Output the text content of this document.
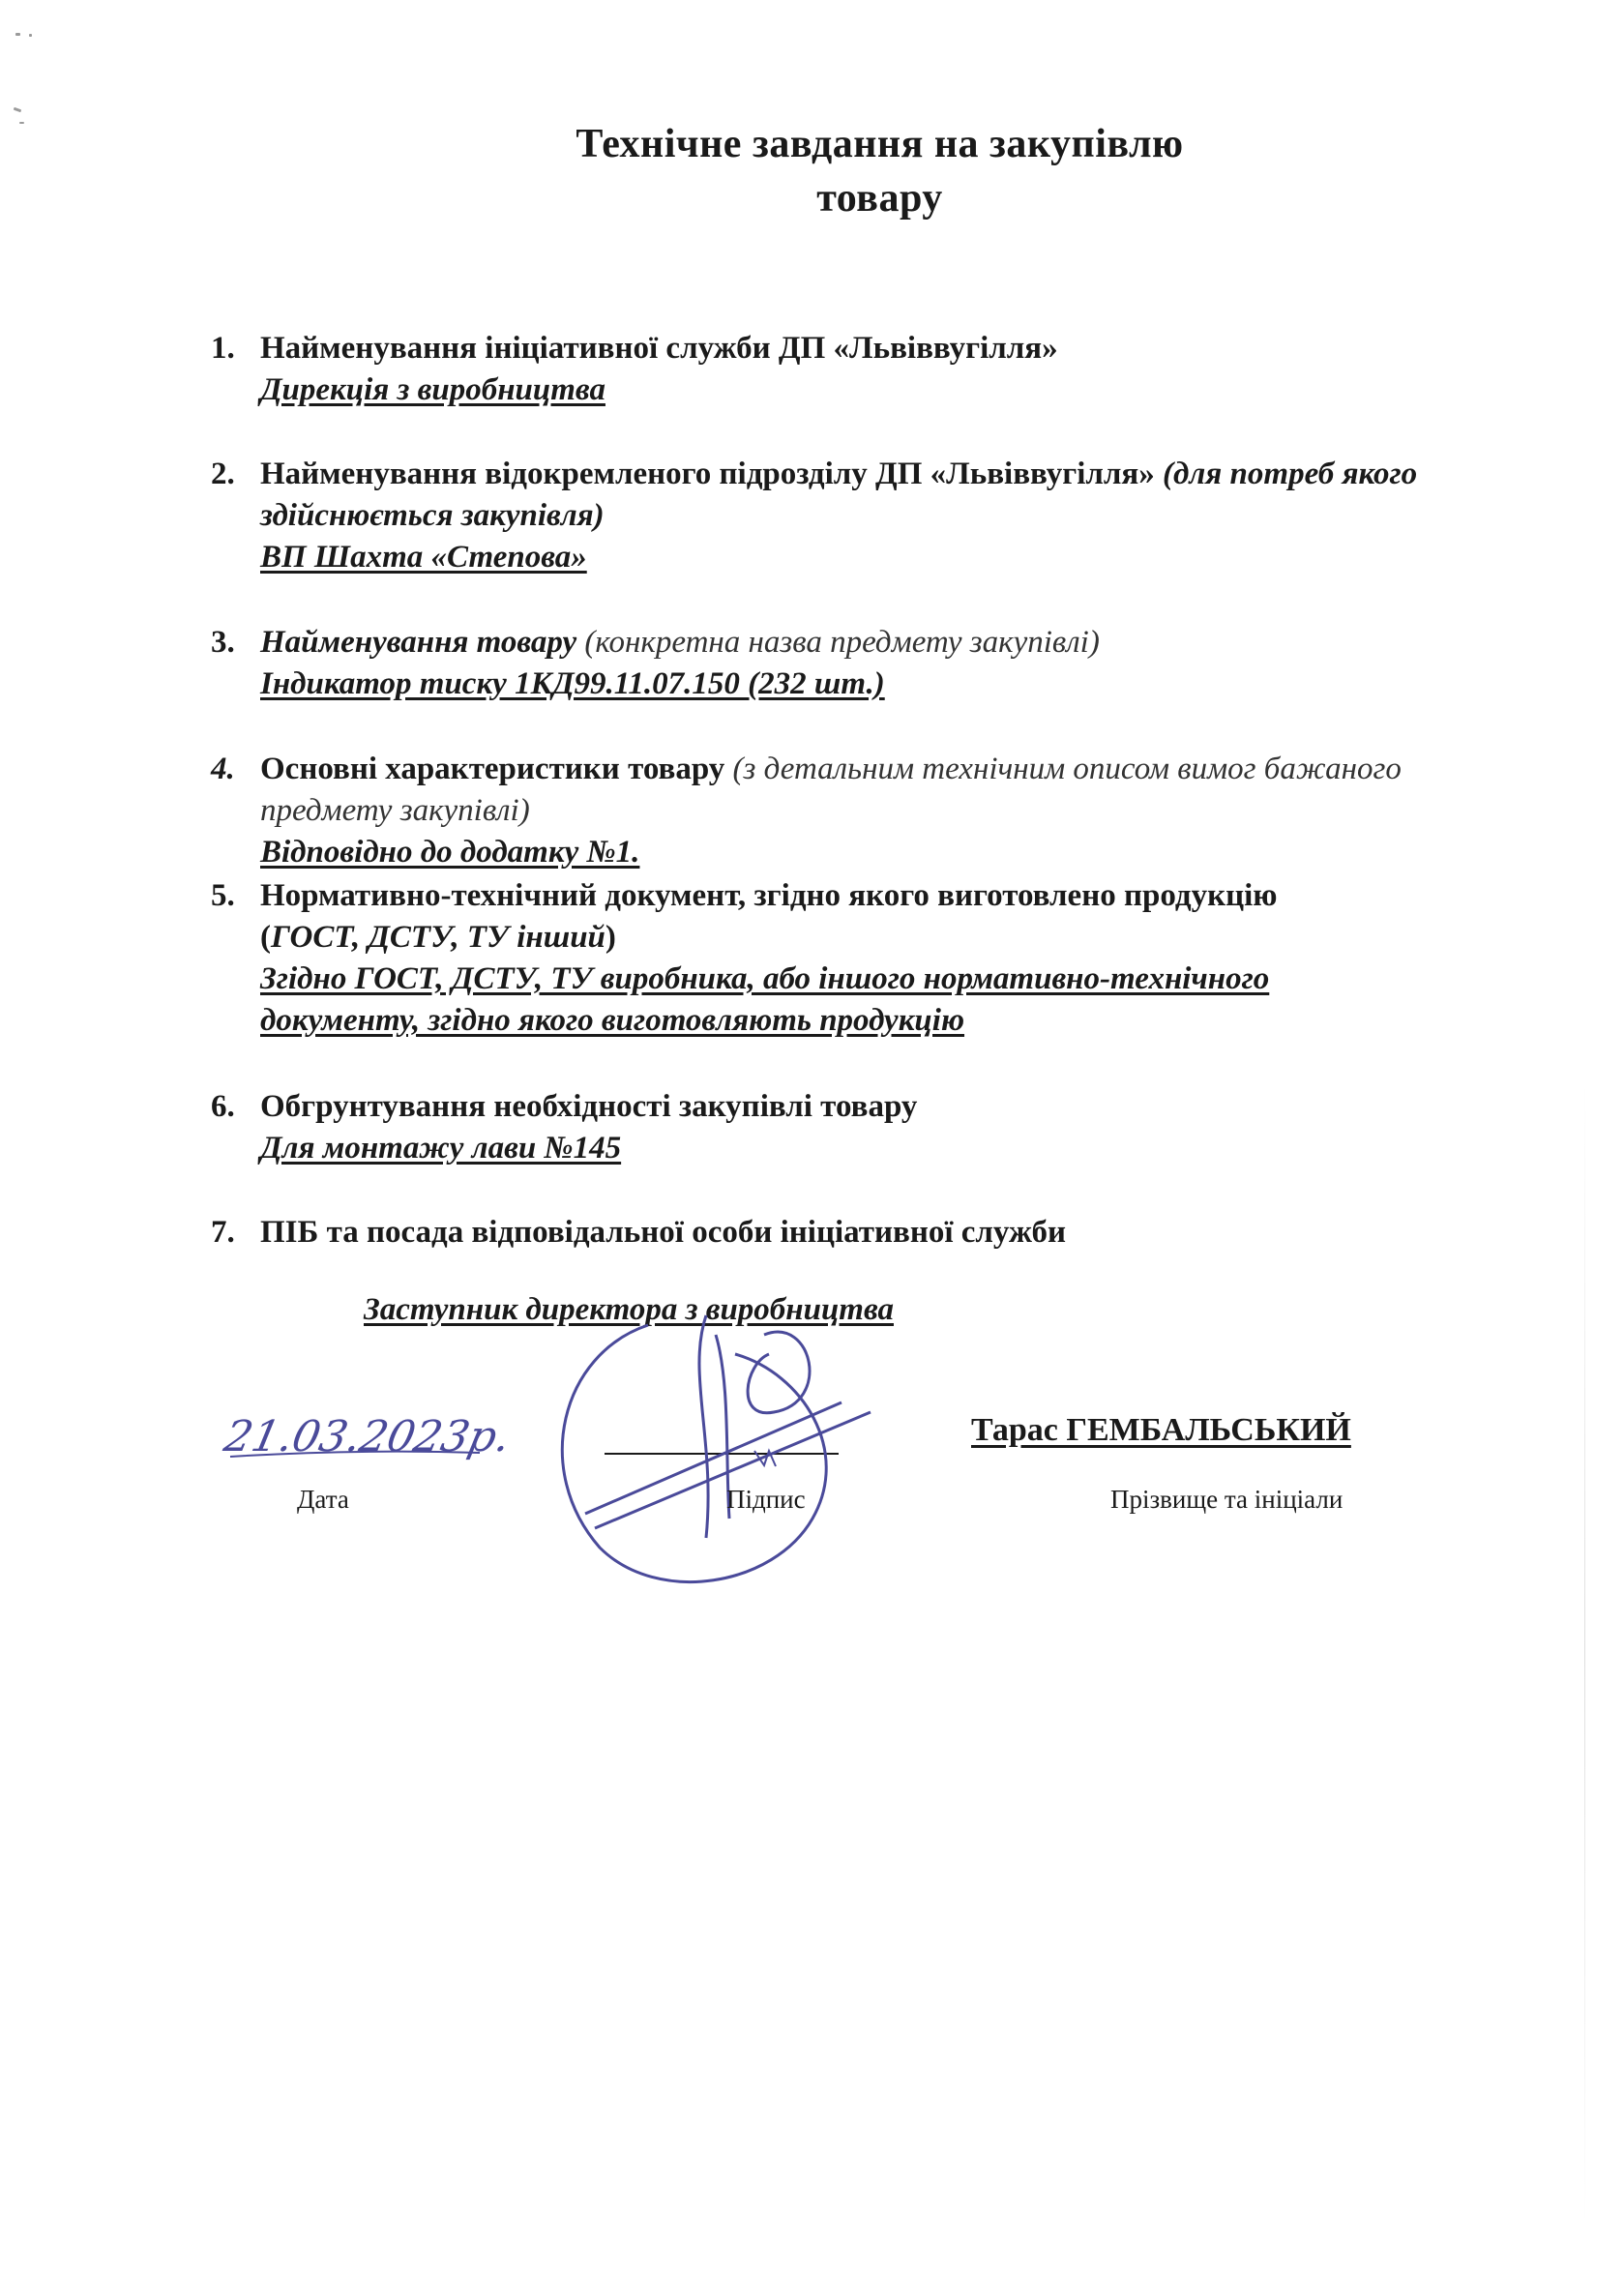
Технічне завдання на закупівлю
товару
1. Найменування ініціативної служби ДП «Львіввугілля»
Дирекція з виробництва
2. Найменування відокремленого підрозділу ДП «Львіввугілля» (для потреб якого здійснюється закупівля)
ВП Шахта «Степова»
3. Найменування товару (конкретна назва предмету закупівлі)
Індикатор тиску 1КД99.11.07.150 (232 шт.)
4. Основні характеристики товару (з детальним технічним описом вимог бажаного предмету закупівлі)
Відповідно до додатку №1.
5. Нормативно-технічний документ, згідно якого виготовлено продукцію (ГОСТ, ДСТУ, ТУ інший)
Згідно ГОСТ, ДСТУ, ТУ виробника, або іншого нормативно-технічного документу, згідно якого виготовляють продукцію
6. Обгрунтування необхідності закупівлі товару
Для монтажу лави №145
7. ПІБ та посада відповідальної особи ініціативної служби
Заступник директора з виробництва
21.03.2023р.	Тарас ГЕМБАЛЬСЬКИЙ
Дата	Підпис	Прізвище та ініціали
